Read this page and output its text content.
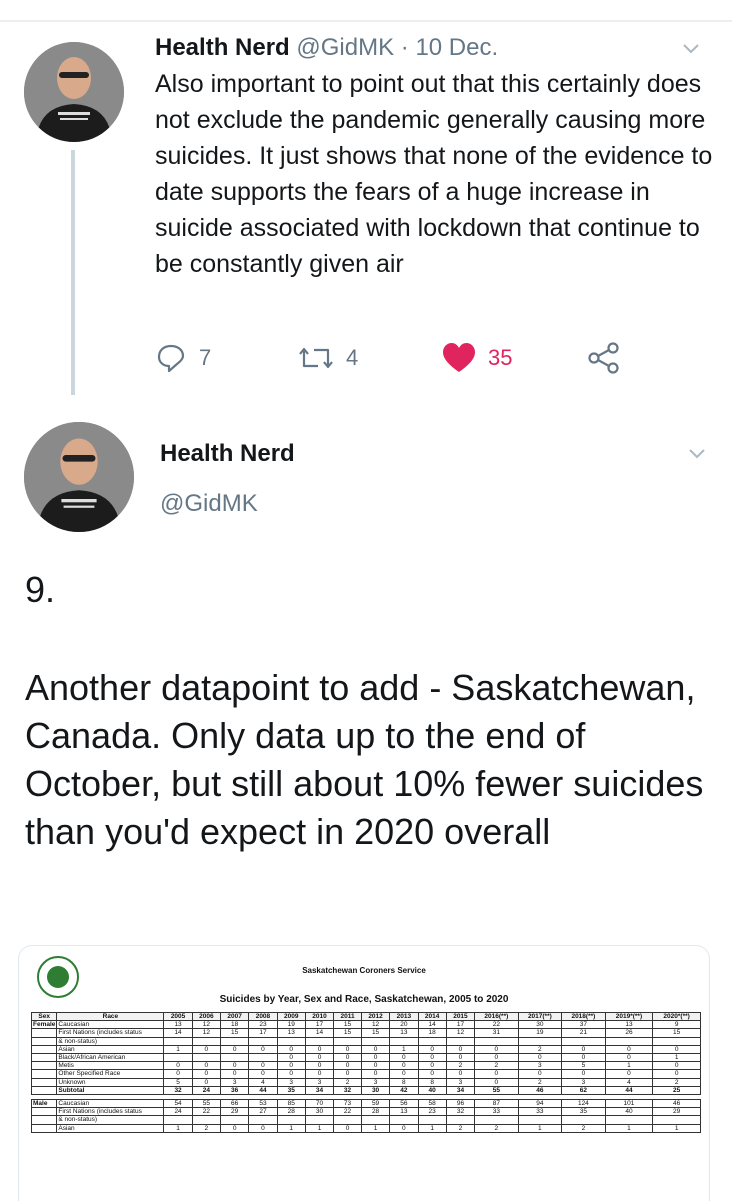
Health Nerd @GidMK · 10 Dec.
Also important to point out that this certainly does not exclude the pandemic generally causing more suicides. It just shows that none of the evidence to date supports the fears of a huge increase in suicide associated with lockdown that continue to be constantly given air
7	4	35
Health Nerd
@GidMK
9.
Another datapoint to add - Saskatchewan, Canada. Only data up to the end of October, but still about 10% fewer suicides than you'd expect in 2020 overall
Saskatchewan Coroners Service
Suicides by Year, Sex and Race, Saskatchewan, 2005 to 2020
Sex	Race	2005	2006	2007	2008	2009	2010	2011	2012	2013	2014	2015	2016(**)	2017(**)	2018(**)	2019*(**)	2020*(**)
Female	Caucasian	13	12	18	23	19	17	15	12	20	14	17	22	30	37	13	9
	First Nations (includes status	14	12	15	17	13	14	15	15	13	18	12	31	19	21	26	15
	& non-status)																
	Asian	1	0	0	0	0	0	0	0	1	0	0	0	2	0	0	0
	Black/African American					0	0	0	0	0	0	0	0	0	0	0	1
	Metis	0	0	0	0	0	0	0	0	0	0	2	2	3	5	1	0
	Other Specified Race	0	0	0	0	0	0	0	0	0	0	0	0	0	0	0	0
	Unknown	5	0	3	4	3	3	2	3	8	8	3	0	2	3	4	2
	Subtotal	32	24	36	44	35	34	32	30	42	40	34	55	46	62	44	25

Male	Caucasian	54	55	66	53	85	70	73	59	56	58	96	87	94	124	101	46
	First Nations (includes status	24	22	29	27	28	30	22	28	13	23	32	33	33	35	40	29
	& non-status)																
	Asian	1	2	0	0	1	1	0	1	0	1	2	2	1	2	1	1
